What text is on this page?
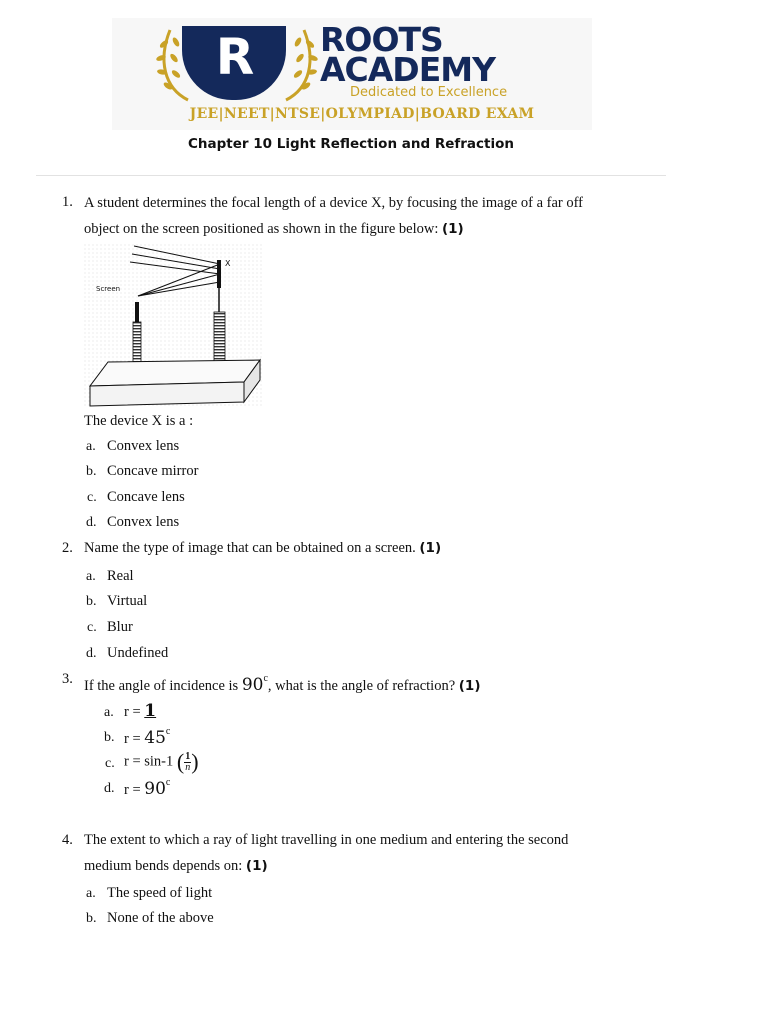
R	ROOTS
ACADEMY
Dedicated to Excellence
JEE|NEET|NTSE|OLYMPIAD|BOARD EXAM
Chapter 10 Light Reflection and Refraction
1. A student determines the focal length of a device X, by focusing the image of a far off
object on the screen positioned as shown in the figure below: (1)
X
Screen
The device X is a :
a. Convex lens
b. Concave mirror
c. Concave lens
d. Convex lens
2. Name the type of image that can be obtained on a screen. (1)
a. Real
b. Virtual
c. Blur
d. Undefined
3. If the angle of incidence is 90$^c$, what is the angle of refraction? (1)
a. r = 1
b. $r = 45^c$
c. r = sin-1 ( $\frac{1}{n}$ )
d. $r = 90^c$
4. The extent to which a ray of light travelling in one medium and entering the second
medium bends depends on: (1)
a. The speed of light
b. None of the above
